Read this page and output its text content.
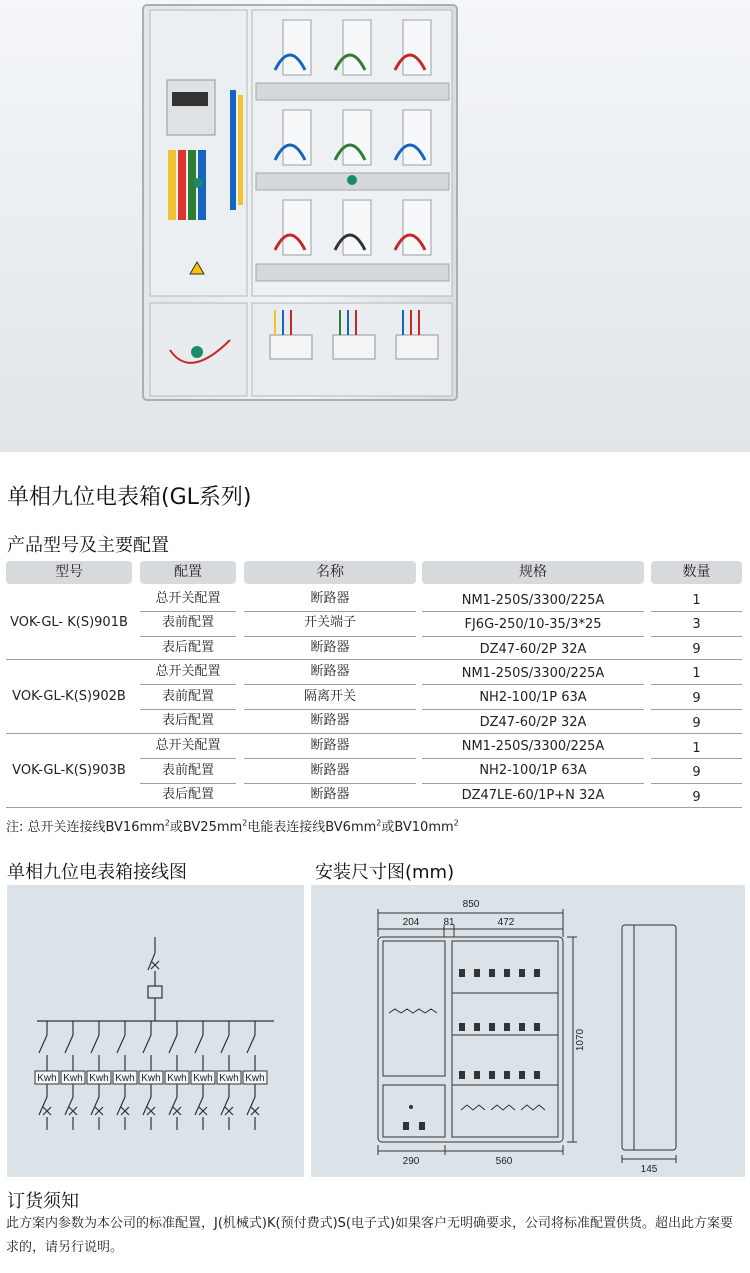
单相九位电表箱(GL系列)
产品型号及主要配置
型号	配置	名称	规格	数量
VOK-GL- K(S)901B
总开关配置	断路器	NM1-250S/3300/225A	1
表前配置	开关端子	FJ6G-250/10-35/3*25	3
表后配置	断路器	DZ47-60/2P 32A	9
VOK-GL-K(S)902B
总开关配置	断路器	NM1-250S/3300/225A	1
表前配置	隔离开关	NH2-100/1P 63A	9
表后配置	断路器	DZ47-60/2P 32A	9
VOK-GL-K(S)903B
总开关配置	断路器	NM1-250S/3300/225A	1
表前配置	断路器	NH2-100/1P 63A	9
表后配置	断路器	DZ47LE-60/1P+N 32A	9
注: 总开关连接线$BV16mm^2$或$BV25mm^2$电能表连接线$BV6mm^2$或$BV10mm^2$
单相九位电表箱接线图	安装尺寸图(mm)
Kwh Kwh Kwh Kwh Kwh Kwh Kwh Kwh Kwh
850
204 81	472
290	560
145
1070
订货须知
此方案内参数为本公司的标准配置，J(机械式)K(预付费式)S(电子式)如果客户无明确要求，公司将标准配置供货。超出此方案要求的，请另行说明。
